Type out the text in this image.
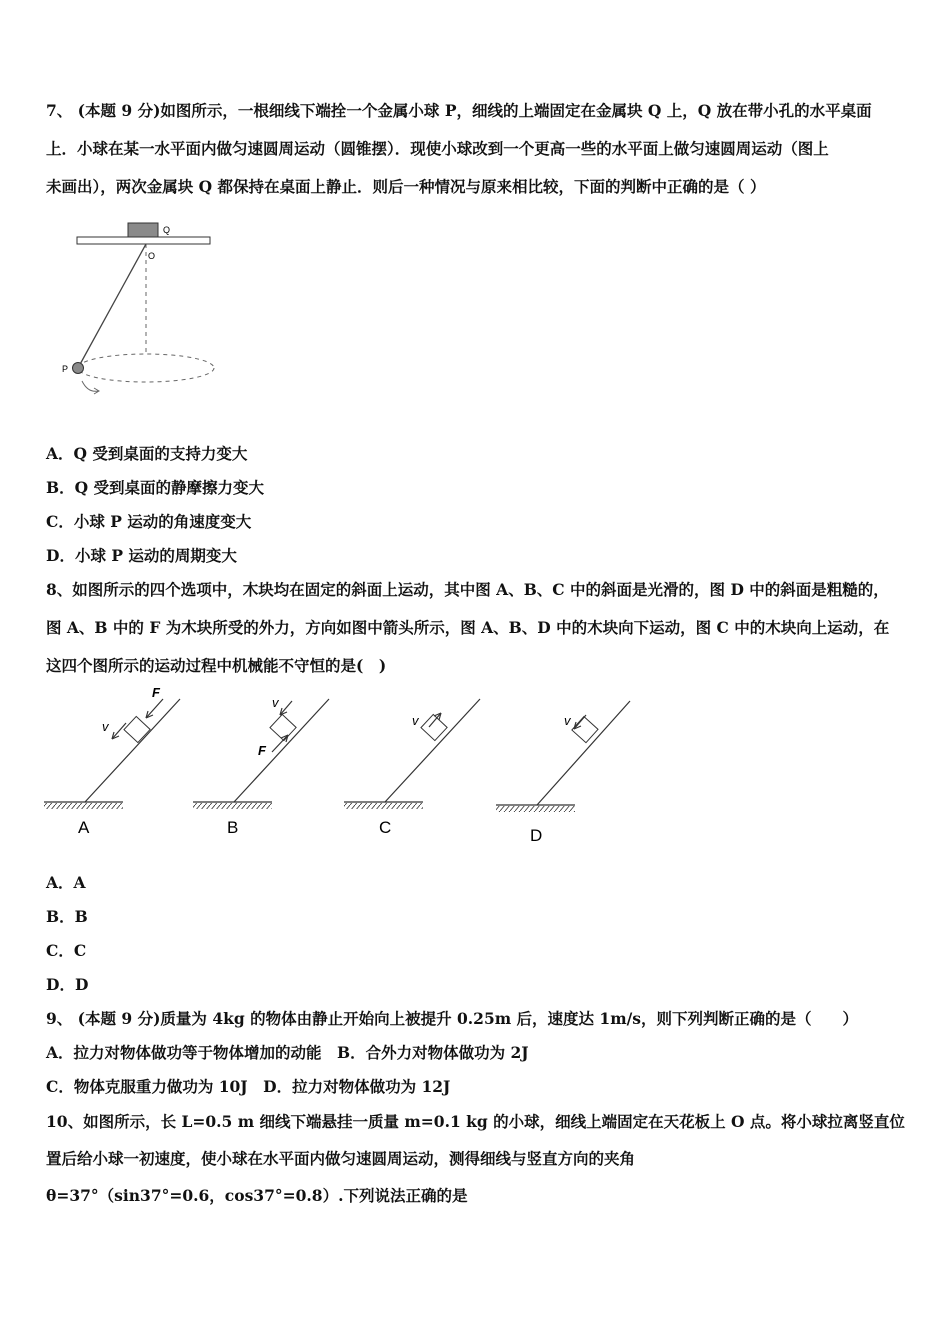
7、 (本题 9 分)如图所示，一根细线下端拴一个金属小球 P，细线的上端固定在金属块 Q 上，Q 放在带小孔的水平桌面
上．小球在某一水平面内做匀速圆周运动（圆锥摆）．现使小球改到一个更高一些的水平面上做匀速圆周运动（图上
未画出），两次金属块 Q 都保持在桌面上静止．则后一种情况与原来相比较，下面的判断中正确的是（ ）
Q
O
P
A．Q 受到桌面的支持力变大
B．Q 受到桌面的静摩擦力变大
C．小球 P 运动的角速度变大
D．小球 P 运动的周期变大
8、如图所示的四个选项中，木块均在固定的斜面上运动，其中图 A、B、C 中的斜面是光滑的，图 D 中的斜面是粗糙的，
图 A、B 中的 F 为木块所受的外力，方向如图中箭头所示，图 A、B、D 中的木块向下运动，图 C 中的木块向上运动，在
这四个图所示的运动过程中机械能不守恒的是(　)
F
v
A
F
v
B
v
C
v
D
A．A
B．B
C．C
D．D
9、 (本题 9 分)质量为 4kg 的物体由静止开始向上被提升 0.25m 后，速度达 1m/s，则下列判断正确的是（　　）
A．拉力对物体做功等于物体增加的动能　B．合外力对物体做功为 2J
C．物体克服重力做功为 10J　D．拉力对物体做功为 12J
10、如图所示，长 L=0.5 m 细线下端悬挂一质量 m=0.1 kg 的小球，细线上端固定在天花板上 O 点。将小球拉离竖直位
置后给小球一初速度，使小球在水平面内做匀速圆周运动，测得细线与竖直方向的夹角
θ=37°（sin37°=0.6，cos37°=0.8）.下列说法正确的是
